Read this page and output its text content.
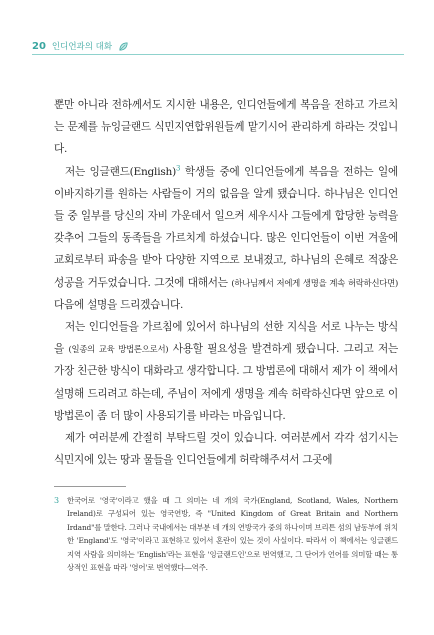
20 인디언과의 대화

뿐만 아니라 전하께서도 지시한 내용은, 인디언들에게 복음을 전하고 가르치는 문제를 뉴잉글랜드 식민지연합위원들께 맡기시어 관리하게 하라는 것입니다.

저는 잉글랜드(English)$^3$ 학생들 중에 인디언들에게 복음을 전하는 일에 이바지하기를 원하는 사람들이 거의 없음을 알게 됐습니다. 하나님은 인디언들 중 일부를 당신의 자비 가운데서 일으켜 세우시사 그들에게 합당한 능력을 갖추어 그들의 동족들을 가르치게 하셨습니다. 많은 인디언들이 이번 겨울에 교회로부터 파송을 받아 다양한 지역으로 보내졌고, 하나님의 은혜로 적잖은 성공을 거두었습니다. 그것에 대해서는 (하나님께서 저에게 생명을 계속 허락하신다면) 다음에 설명을 드리겠습니다.

저는 인디언들을 가르침에 있어서 하나님의 선한 지식을 서로 나누는 방식을 (일종의 교육 방법론으로서) 사용할 필요성을 발견하게 됐습니다. 그리고 저는 가장 친근한 방식이 대화라고 생각합니다. 그 방법론에 대해서 제가 이 책에서 설명해 드리려고 하는데, 주님이 저에게 생명을 계속 허락하신다면 앞으로 이 방법론이 좀 더 많이 사용되기를 바라는 마음입니다.

제가 여러분께 간절히 부탁드릴 것이 있습니다. 여러분께서 각각 섬기시는 식민지에 있는 땅과 물들을 인디언들에게 허락해주셔서 그곳에

3 한국어로 '영국'이라고 했을 때 그 의미는 네 개의 국가(England, Scotland, Wales, Northern Ireland)로 구성되어 있는 영국연방, 즉 "United Kingdom of Great Britain and Northern Irdand"를 말한다. 그러나 국내에서는 대부분 네 개의 연방국가 중의 하나이며 브리튼 섬의 남동부에 위치한 'England'도 '영국'이라고 표현하고 있어서 혼란이 있는 것이 사실이다. 따라서 이 책에서는 잉글랜드 지역 사람을 의미하는 'English'라는 표현을 '잉글랜드인'으로 번역했고, 그 단어가 언어를 의미할 때는 통상적인 표현을 따라 '영어'로 번역했다―역주.
